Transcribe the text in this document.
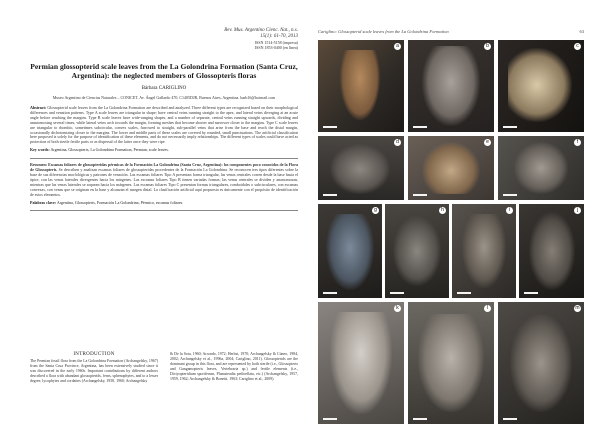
Rev. Mus. Argentino Cienc. Nat., n.s.
15(1): 61-70, 2013
ISSN 1514-5158 (impresa)
ISSN 1853-0400 (en línea)
Permian glossopterid scale leaves from the La Golondrina Formation (Santa Cruz, Argentina): the neglected members of Glossopteris floras
Bárbara CARIGLINO
Museo Argentino de Ciencias Naturales – CONICET. Av. Ángel Gallardo 470, C1405DJR, Buenos Aires, Argentina. barb16@hotmail.com
Abstract: Glossopterid scale leaves from the La Golondrina Formation are described and analyzed. Three different types are recognized based on their morphological differences and venation patterns. Type A scale leaves are triangular in shape; have central veins running straight to the apex, and lateral veins diverging at an acute angle before reaching the margins. Type B scale leaves have wide-ranging shapes, and a number of separate, central veins running straight upwards, dividing and anastomosing several times, while lateral veins arch towards the margin, forming meshes that become shorter and narrower closer to the margins. Type C scale leaves are triangular to rhombic, sometimes subcircular, convex scales, furrowed to straight, sub-parallel veins that arise from the base and reach the distal margin, occasionally dichotomizing closer to the margins. The lower and middle parts of these scales are covered by rounded, small punctuations. The artificial classification here proposed is solely for the purpose of identification of these elements, and do not necessarily imply relationships. The different types of scales could have acted as protection of both sterile fertile parts or as dispersal of the latter once they were ripe.
Key words: Argentina, Glossopteris, La Golondrina Formation, Permian, scale leaves.
Resumen: Escamas foliares de glossopteridas pérmicas de la Formación La Golondrina (Santa Cruz, Argentina): los componentes poco conocidos de la Flora de Glossopteris. Se describen y analizan escamas foliares de glossopteridas procedentes de la Formación La Golondrina. Se reconocen tres tipos diferentes sobre la base de sus diferencias morfológicas y patrones de venación. Las escamas foliares Tipo A presentan forma triangular, las venas centrales corren desde la base hasta el ápice, con las venas laterales divergentes hacia los márgenes. Las escamas foliares Tipo B tienen variadas formas; las venas centrales se dividen y anastomosan, mientras que las venas laterales se arquean hacia los márgenes. Las escamas foliares Tipo C presentan formas triangulares, romboidales o subcirculares, con escamas convexas, con venas que se originan en la base y alcanzan el margen distal. La clasificación artificial aquí propuesta es únicamente con el propósito de identificación de estos elementos.
Palabras clave: Argentina, Glossopteris, Formación La Golondrina, Pérmico, escamas foliares.
INTRODUCTION
The Permian fossil flora from the La Golondrina Formation (Archangelsky, 1967) from the Santa Cruz Province, Argentina, has been extensively studied since it was discovered in the early 1960s. Important contributions by different authors described a flora with abundant glossopterids, ferns, sphenophytes, and to a lesser degree, lycophytes and cordaites (Archangelsky, 1958, 1960; Archangelsky
& De la Sota, 1960; Arrondo, 1972; Herbst, 1970; Archangelsky & Cúneo, 1984, 2002; Archangelsky et al., 1996a, 2004; Cariglino, 2011). Glossopterids are the dominant group in this flora, and are represented by both sterile (i.e., Glossopteris and Gangamopteris leaves, Vertebraria sp.) and fertile elements (i.e., Dictyopteridium sporiferum, Plumsteadia pedicellata, etc.) (Archangelsky, 1957, 1959, 1962; Archangelsky & Bonetti, 1963; Cariglino et al., 2009).
Cariglino: Glossopterid scale leaves from the La Golondrina Formation	63
a	b	c
d	e	f
g	h	i	j
k	l	m
